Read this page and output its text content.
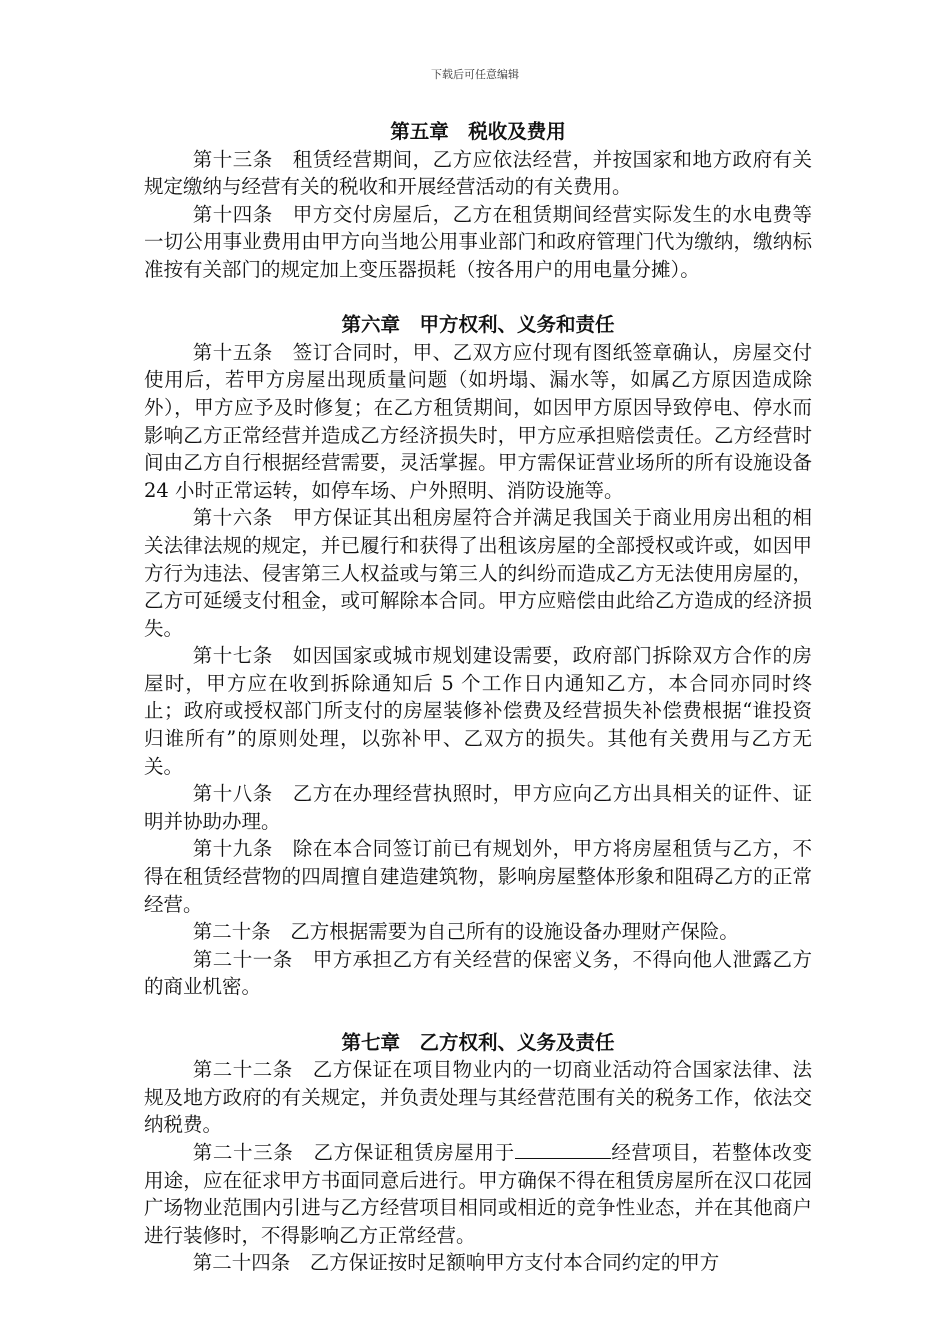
下载后可任意编辑
第五章　税收及费用

第十三条　租赁经营期间，乙方应依法经营，并按国家和地方政府有关规定缴纳与经营有关的税收和开展经营活动的有关费用。

第十四条　甲方交付房屋后，乙方在租赁期间经营实际发生的水电费等一切公用事业费用由甲方向当地公用事业部门和政府管理门代为缴纳，缴纳标准按有关部门的规定加上变压器损耗（按各用户的用电量分摊）。

第六章　甲方权利、义务和责任

第十五条　签订合同时，甲、乙双方应付现有图纸签章确认，房屋交付使用后，若甲方房屋出现质量问题（如坍塌、漏水等，如属乙方原因造成除外），甲方应予及时修复；在乙方租赁期间，如因甲方原因导致停电、停水而影响乙方正常经营并造成乙方经济损失时，甲方应承担赔偿责任。乙方经营时间由乙方自行根据经营需要，灵活掌握。甲方需保证营业场所的所有设施设备 24 小时正常运转，如停车场、户外照明、消防设施等。

第十六条　甲方保证其出租房屋符合并满足我国关于商业用房出租的相关法律法规的规定，并已履行和获得了出租该房屋的全部授权或许或，如因甲方行为违法、侵害第三人权益或与第三人的纠纷而造成乙方无法使用房屋的，乙方可延缓支付租金，或可解除本合同。甲方应赔偿由此给乙方造成的经济损失。

第十七条　如因国家或城市规划建设需要，政府部门拆除双方合作的房屋时，甲方应在收到拆除通知后 5 个工作日内通知乙方，本合同亦同时终止；政府或授权部门所支付的房屋装修补偿费及经营损失补偿费根据“谁投资归谁所有”的原则处理，以弥补甲、乙双方的损失。其他有关费用与乙方无关。

第十八条　乙方在办理经营执照时，甲方应向乙方出具相关的证件、证明并协助办理。

第十九条　除在本合同签订前已有规划外，甲方将房屋租赁与乙方，不得在租赁经营物的四周擅自建造建筑物，影响房屋整体形象和阻碍乙方的正常经营。

第二十条　乙方根据需要为自己所有的设施设备办理财产保险。

第二十一条　甲方承担乙方有关经营的保密义务，不得向他人泄露乙方的商业机密。

第七章　乙方权利、义务及责任

第二十二条　乙方保证在项目物业内的一切商业活动符合国家法律、法规及地方政府的有关规定，并负责处理与其经营范围有关的税务工作，依法交纳税费。

第二十三条　乙方保证租赁房屋用于	经营项目，若整体改变用途，应在征求甲方书面同意后进行。甲方确保不得在租赁房屋所在汉口花园广场物业范围内引进与乙方经营项目相同或相近的竞争性业态，并在其他商户进行装修时，不得影响乙方正常经营。

第二十四条　乙方保证按时足额响甲方支付本合同约定的甲方
